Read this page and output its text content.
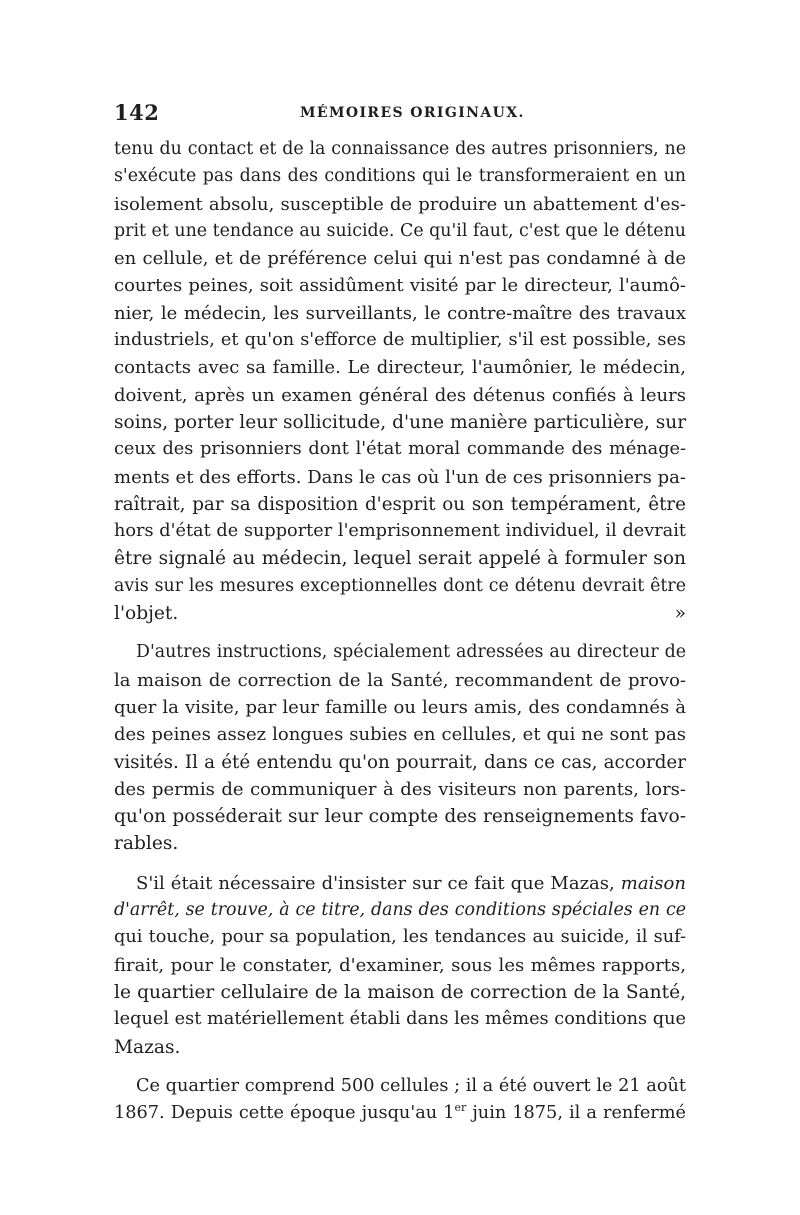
142	MÉMOIRES ORIGINAUX.

tenu du contact et de la connaissance des autres prisonniers, ne
s'exécute pas dans des conditions qui le transformeraient en un
isolement absolu, susceptible de produire un abattement d'es-
prit et une tendance au suicide. Ce qu'il faut, c'est que le détenu
en cellule, et de préférence celui qui n'est pas condamné à de
courtes peines, soit assidûment visité par le directeur, l'aumô-
nier, le médecin, les surveillants, le contre-maître des travaux
industriels, et qu'on s'efforce de multiplier, s'il est possible, ses
contacts avec sa famille. Le directeur, l'aumônier, le médecin,
doivent, après un examen général des détenus confiés à leurs
soins, porter leur sollicitude, d'une manière particulière, sur
ceux des prisonniers dont l'état moral commande des ménage-
ments et des efforts. Dans le cas où l'un de ces prisonniers pa-
raîtrait, par sa disposition d'esprit ou son tempérament, être
hors d'état de supporter l'emprisonnement individuel, il devrait
être signalé au médecin, lequel serait appelé à formuler son
avis sur les mesures exceptionnelles dont ce détenu devrait être
l'objet. »

D'autres instructions, spécialement adressées au directeur de
la maison de correction de la Santé, recommandent de provo-
quer la visite, par leur famille ou leurs amis, des condamnés à
des peines assez longues subies en cellules, et qui ne sont pas
visités. Il a été entendu qu'on pourrait, dans ce cas, accorder
des permis de communiquer à des visiteurs non parents, lors-
qu'on posséderait sur leur compte des renseignements favo-
rables.

S'il était nécessaire d'insister sur ce fait que Mazas, maison
d'arrêt, se trouve, à ce titre, dans des conditions spéciales en ce
qui touche, pour sa population, les tendances au suicide, il suf-
firait, pour le constater, d'examiner, sous les mêmes rapports,
le quartier cellulaire de la maison de correction de la Santé,
lequel est matériellement établi dans les mêmes conditions que
Mazas.

Ce quartier comprend 500 cellules ; il a été ouvert le 21 août
1867. Depuis cette époque jusqu'au 1er juin 1875, il a renfermé
